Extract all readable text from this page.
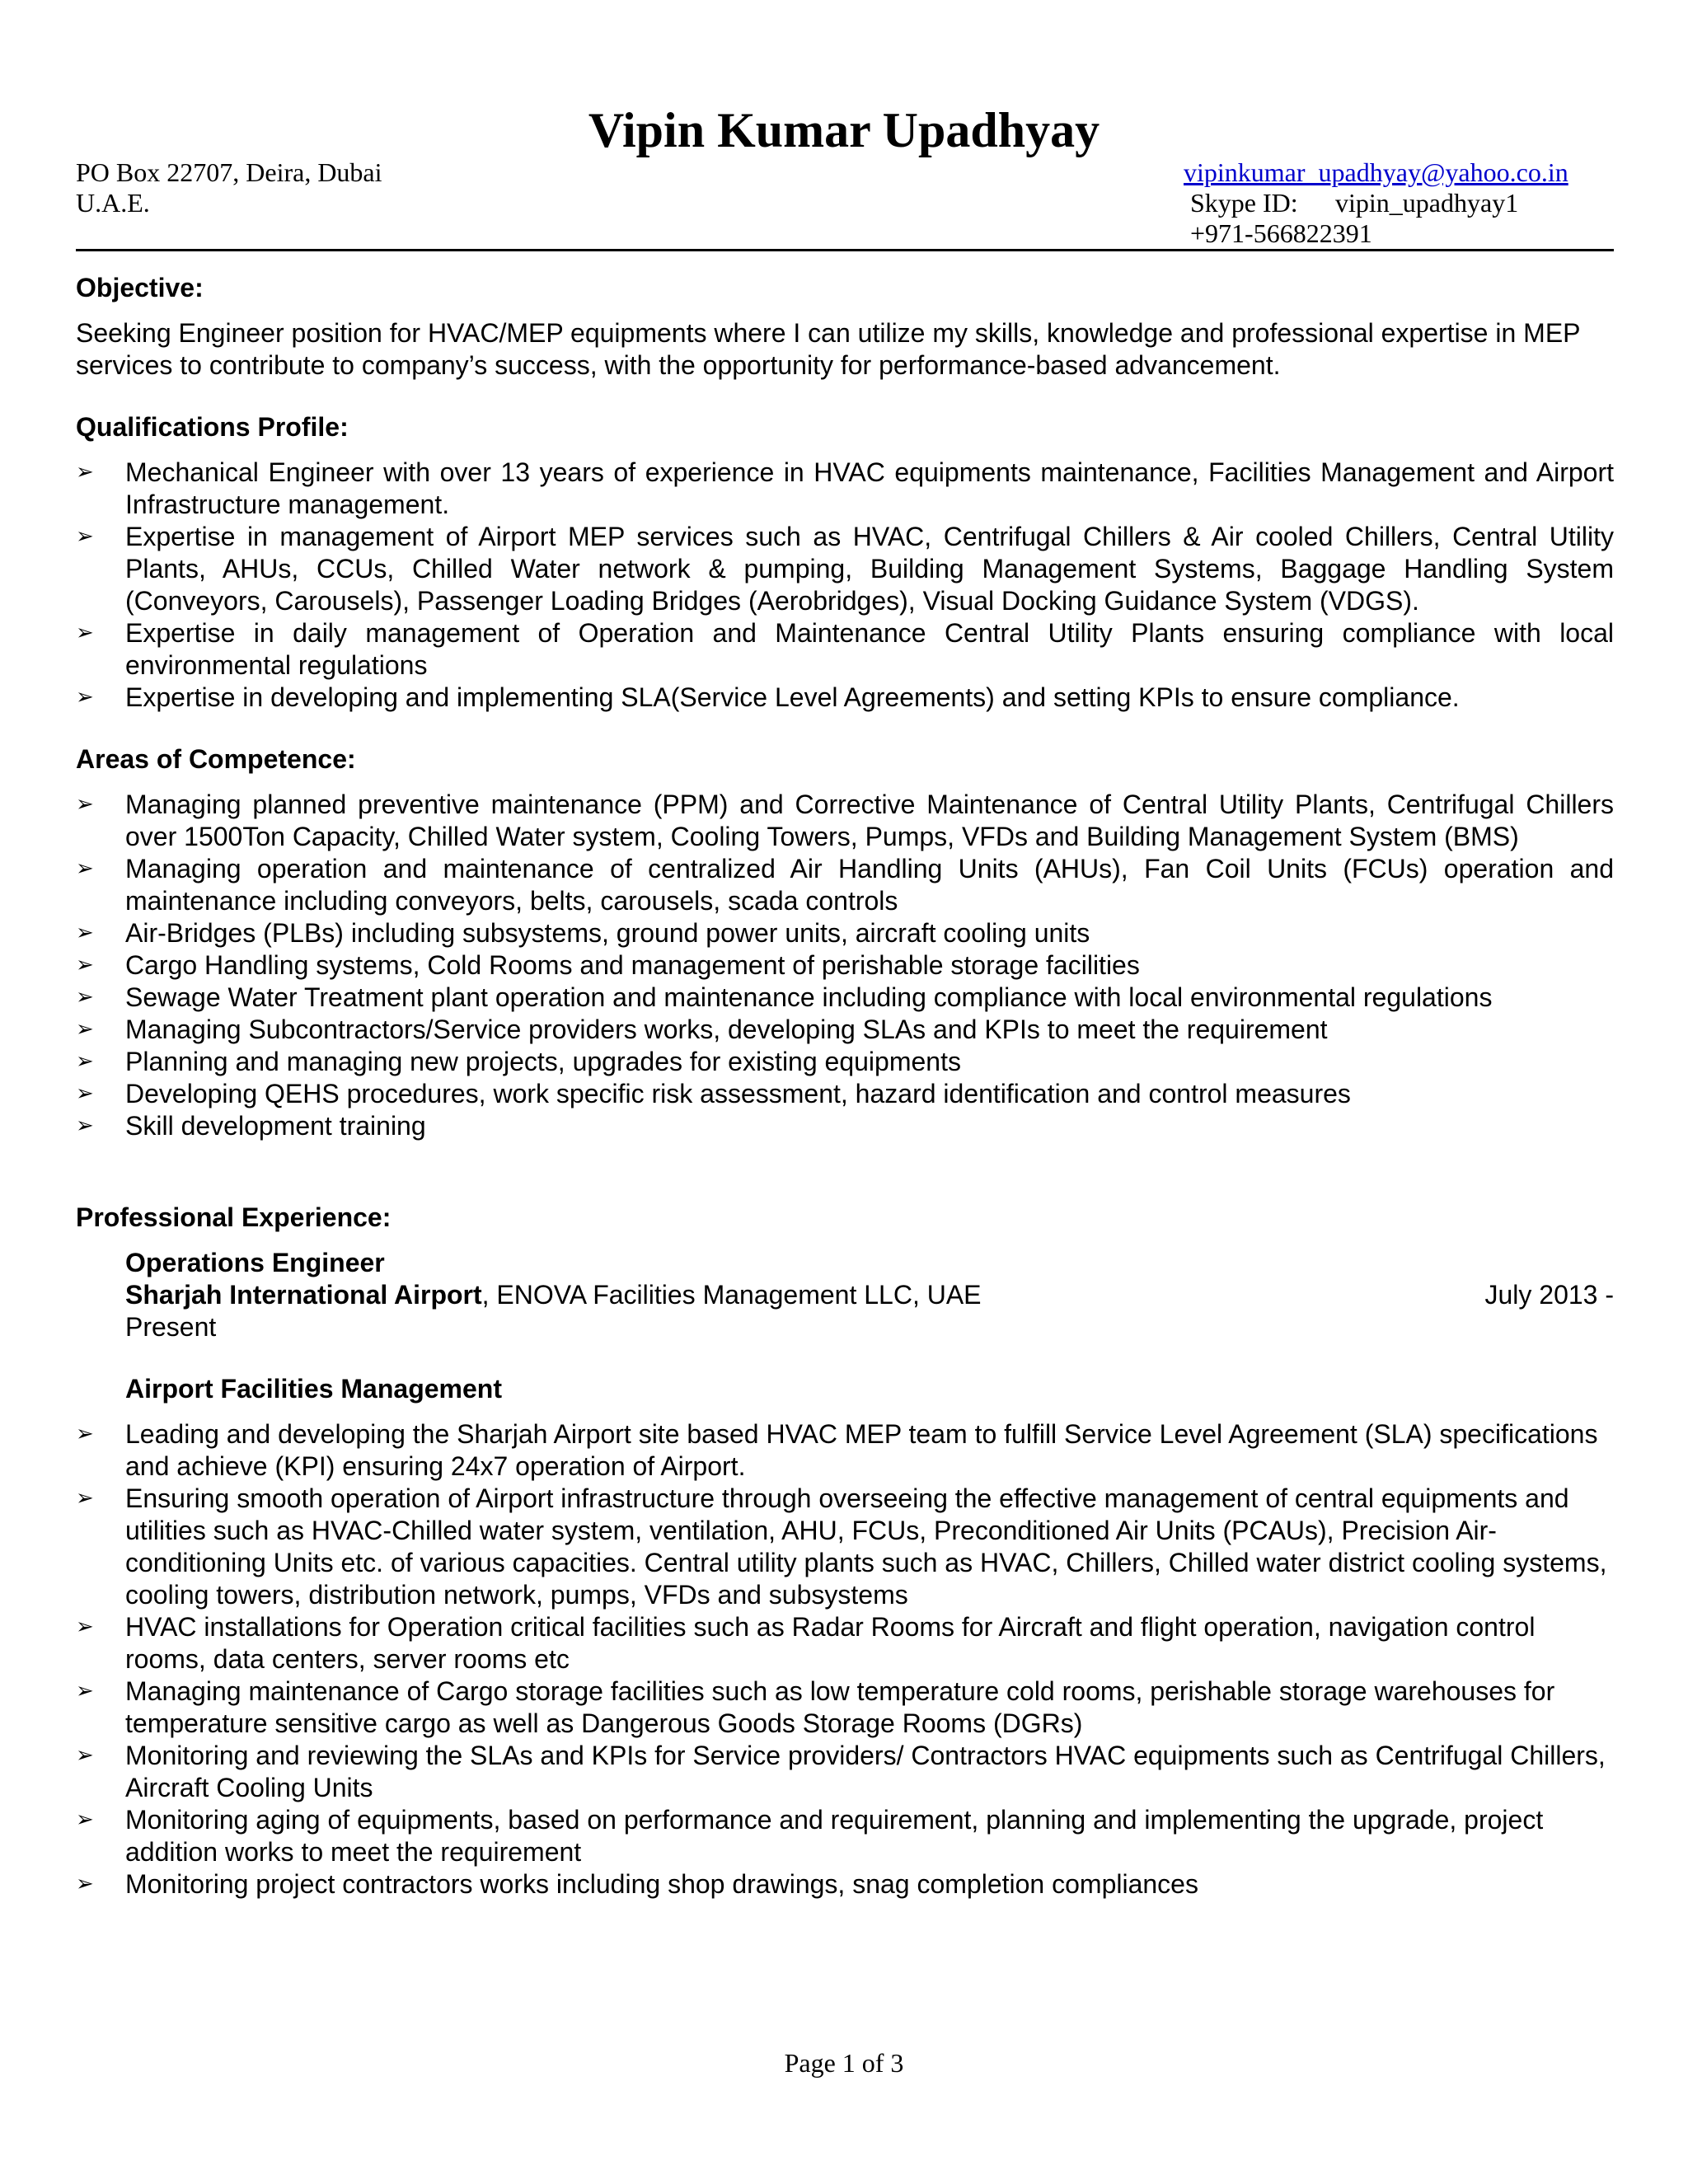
Vipin Kumar Upadhyay
PO Box 22707, Deira, Dubai
U.A.E.
vipinkumar_upadhyay@yahoo.co.in
Skype ID: vipin_upadhyay1
+971-566822391

Objective:

Seeking Engineer position for HVAC/MEP equipments where I can utilize my skills, knowledge and professional expertise in MEP services to contribute to company’s success, with the opportunity for performance-based advancement.

Qualifications Profile:

➢ Mechanical Engineer with over 13 years of experience in HVAC equipments maintenance, Facilities Management and Airport Infrastructure management.
➢ Expertise in management of Airport MEP services such as HVAC, Centrifugal Chillers & Air cooled Chillers, Central Utility Plants, AHUs, CCUs, Chilled Water network & pumping, Building Management Systems, Baggage Handling System (Conveyors, Carousels), Passenger Loading Bridges (Aerobridges), Visual Docking Guidance System (VDGS).
➢ Expertise in daily management of Operation and Maintenance Central Utility Plants ensuring compliance with local environmental regulations
➢ Expertise in developing and implementing SLA(Service Level Agreements) and setting KPIs to ensure compliance.

Areas of Competence:

➢ Managing planned preventive maintenance (PPM) and Corrective Maintenance of Central Utility Plants, Centrifugal Chillers over 1500Ton Capacity, Chilled Water system, Cooling Towers, Pumps, VFDs and Building Management System (BMS)
➢ Managing operation and maintenance of centralized Air Handling Units (AHUs), Fan Coil Units (FCUs) operation and maintenance including conveyors, belts, carousels, scada controls
➢ Air-Bridges (PLBs) including subsystems, ground power units, aircraft cooling units
➢ Cargo Handling systems, Cold Rooms and management of perishable storage facilities
➢ Sewage Water Treatment plant operation and maintenance including compliance with local environmental regulations
➢ Managing Subcontractors/Service providers works, developing SLAs and KPIs to meet the requirement
➢ Planning and managing new projects, upgrades for existing equipments
➢ Developing QEHS procedures, work specific risk assessment, hazard identification and control measures
➢ Skill development training

Professional Experience:

Operations Engineer
Sharjah International Airport, ENOVA Facilities Management LLC, UAE	July 2013 -
Present
Airport Facilities Management
➢ Leading and developing the Sharjah Airport site based HVAC MEP team to fulfill Service Level Agreement (SLA) specifications and achieve (KPI) ensuring 24x7 operation of Airport.
➢ Ensuring smooth operation of Airport infrastructure through overseeing the effective management of central equipments and utilities such as HVAC-Chilled water system, ventilation, AHU, FCUs, Preconditioned Air Units (PCAUs), Precision Air-conditioning Units etc. of various capacities. Central utility plants such as HVAC, Chillers, Chilled water district cooling systems, cooling towers, distribution network, pumps, VFDs and subsystems
➢ HVAC installations for Operation critical facilities such as Radar Rooms for Aircraft and flight operation, navigation control rooms, data centers, server rooms etc
➢ Managing maintenance of Cargo storage facilities such as low temperature cold rooms, perishable storage warehouses for temperature sensitive cargo as well as Dangerous Goods Storage Rooms (DGRs)
➢ Monitoring and reviewing the SLAs and KPIs for Service providers/ Contractors HVAC equipments such as Centrifugal Chillers, Aircraft Cooling Units
➢ Monitoring aging of equipments, based on performance and requirement, planning and implementing the upgrade, project addition works to meet the requirement
➢ Monitoring project contractors works including shop drawings, snag completion compliances
Page 1 of 3
